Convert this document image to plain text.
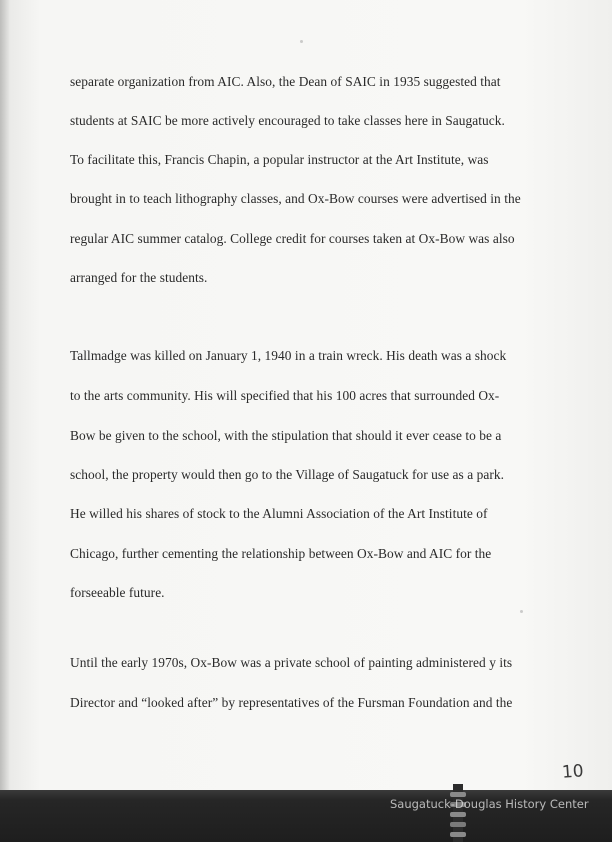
separate organization from AIC. Also, the Dean of SAIC in 1935 suggested that
students at SAIC be more actively encouraged to take classes here in Saugatuck.
To facilitate this, Francis Chapin, a popular instructor at the Art Institute, was
brought in to teach lithography classes, and Ox-Bow courses were advertised in the
regular AIC summer catalog. College credit for courses taken at Ox-Bow was also
arranged for the students.
Tallmadge was killed on January 1, 1940 in a train wreck. His death was a shock
to the arts community. His will specified that his 100 acres that surrounded Ox-
Bow be given to the school, with the stipulation that should it ever cease to be a
school, the property would then go to the Village of Saugatuck for use as a park.
He willed his shares of stock to the Alumni Association of the Art Institute of
Chicago, further cementing the relationship between Ox-Bow and AIC for the
forseeable future.
Until the early 1970s, Ox-Bow was a private school of painting administered y its
Director and “looked after” by representatives of the Fursman Foundation and the
10
Saugatuck-Douglas History Center
